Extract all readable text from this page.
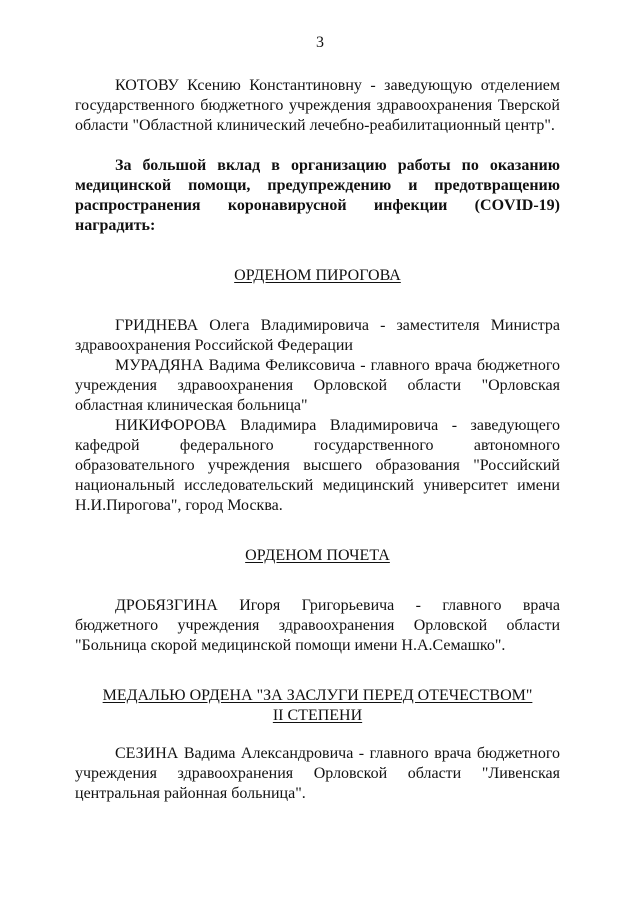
3

КОТОВУ Ксению Константиновну - заведующую отделением государственного бюджетного учреждения здравоохранения Тверской области "Областной клинический лечебно-реабилитационный центр".

За большой вклад в организацию работы по оказанию медицинской помощи, предупреждению и предотвращению распространения коронавирусной инфекции (COVID-19) наградить:

ОРДЕНОМ ПИРОГОВА

ГРИДНЕВА Олега Владимировича - заместителя Министра здравоохранения Российской Федерации

МУРАДЯНА Вадима Феликсовича - главного врача бюджетного учреждения здравоохранения Орловской области "Орловская областная клиническая больница"

НИКИФОРОВА Владимира Владимировича - заведующего кафедрой федерального государственного автономного образовательного учреждения высшего образования "Российский национальный исследовательский медицинский университет имени Н.И.Пирогова", город Москва.

ОРДЕНОМ ПОЧЕТА

ДРОБЯЗГИНА Игоря Григорьевича - главного врача бюджетного учреждения здравоохранения Орловской области "Больница скорой медицинской помощи имени Н.А.Семашко".

МЕДАЛЬЮ ОРДЕНА "ЗА ЗАСЛУГИ ПЕРЕД ОТЕЧЕСТВОМ"
II СТЕПЕНИ

СЕЗИНА Вадима Александровича - главного врача бюджетного учреждения здравоохранения Орловской области "Ливенская центральная районная больница".
